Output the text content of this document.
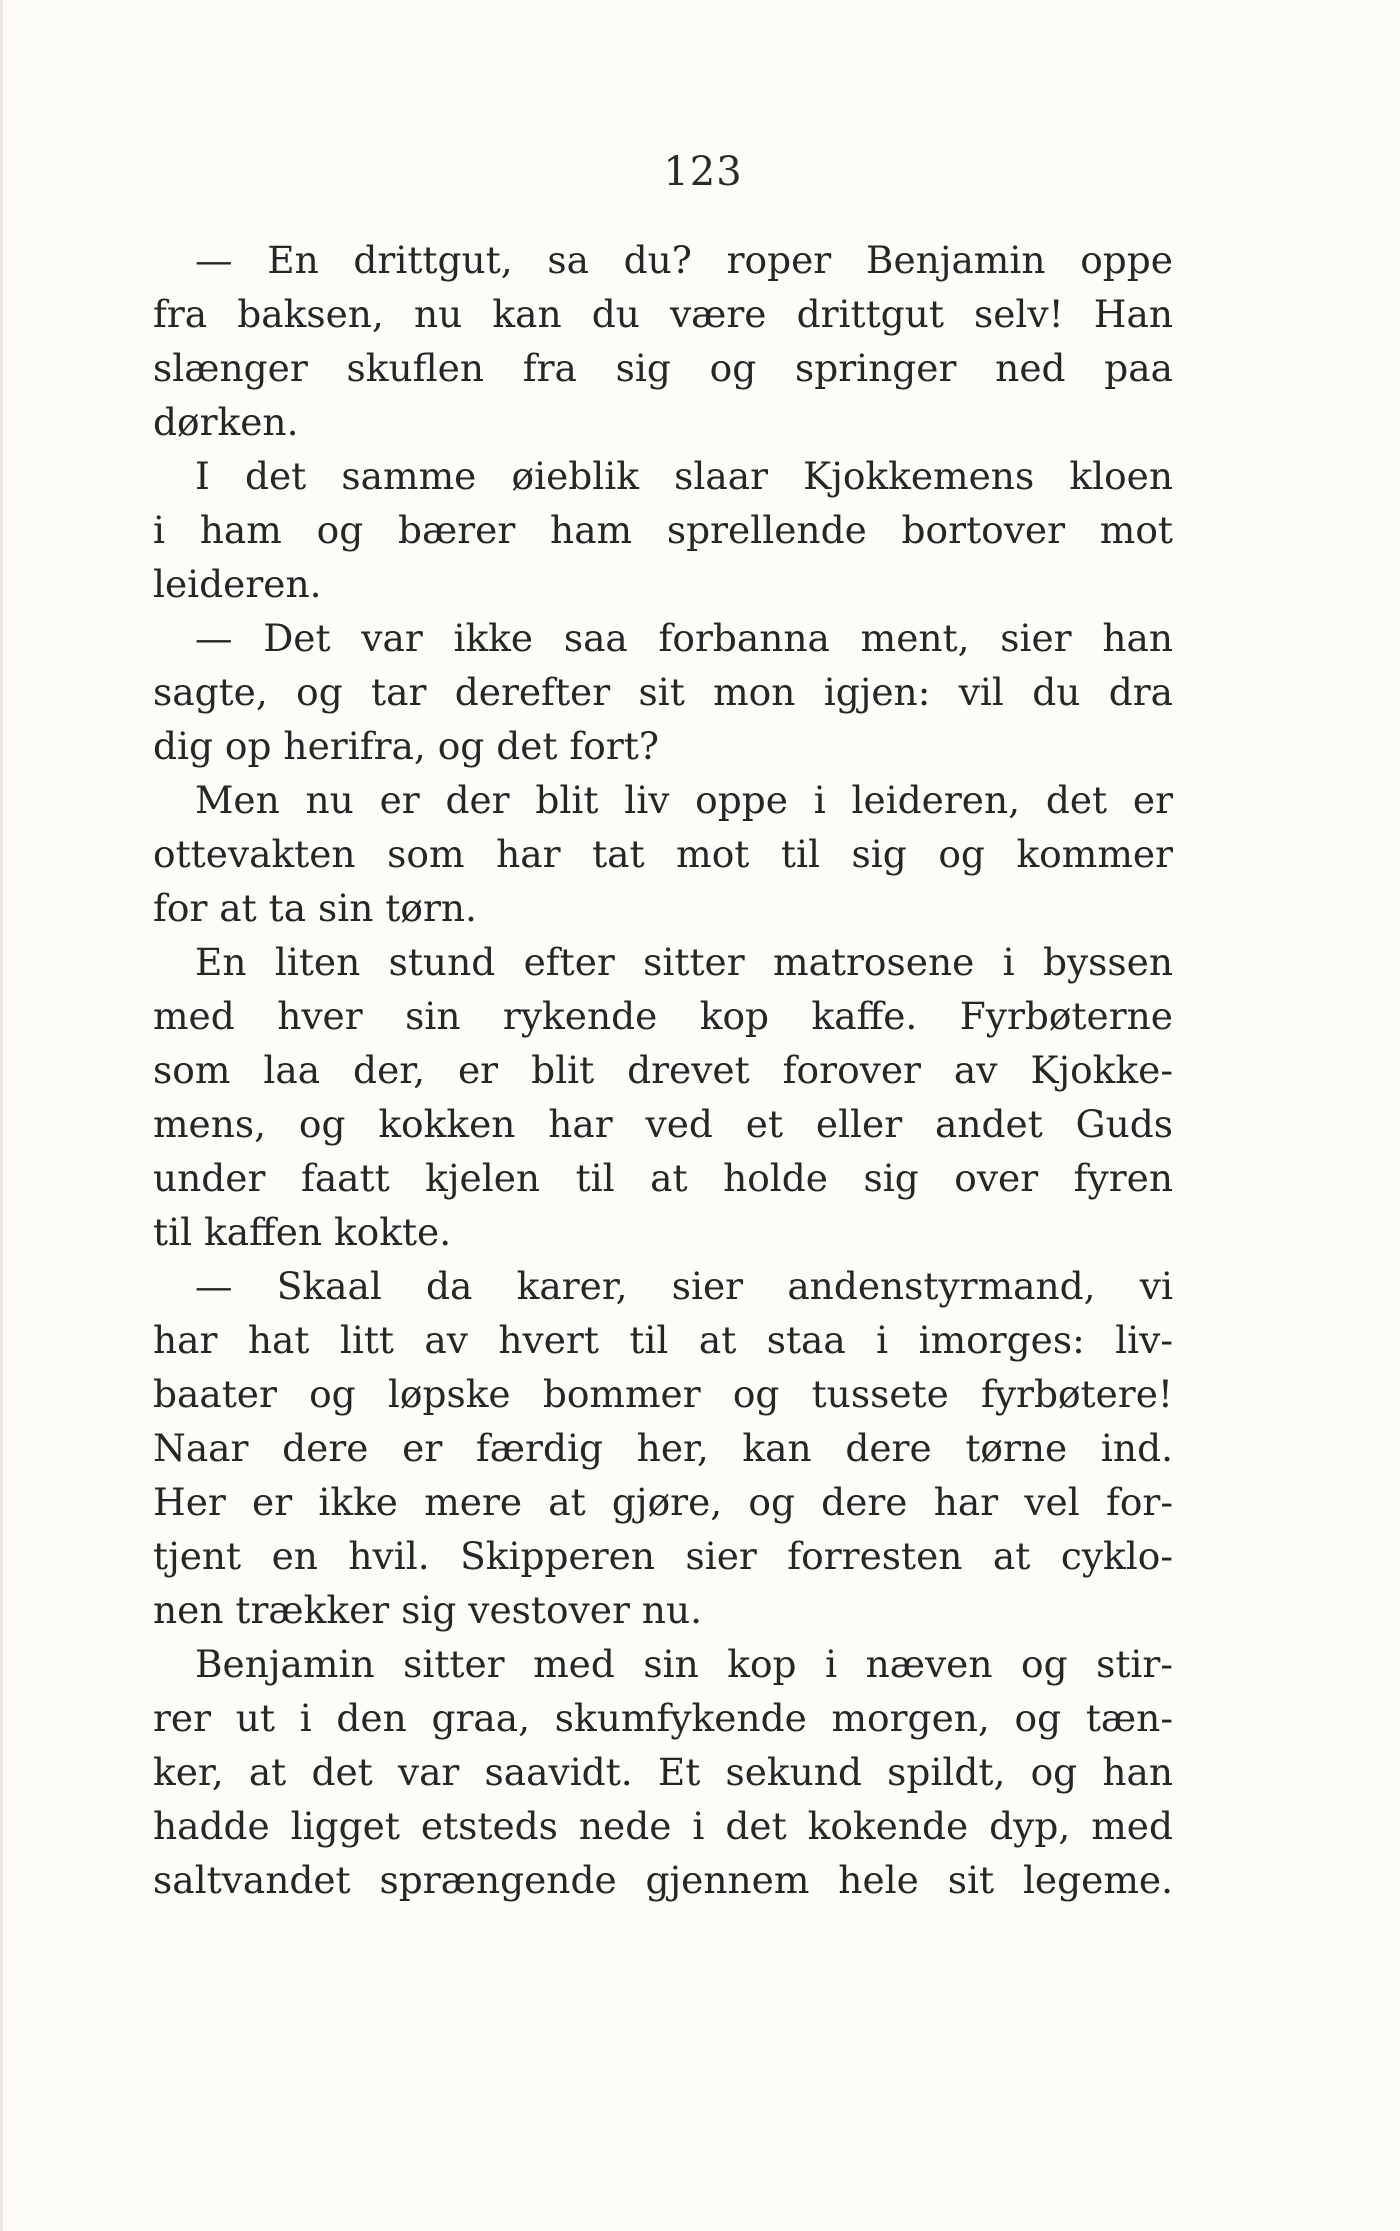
123
— En drittgut, sa du? roper Benjamin oppe
fra baksen, nu kan du være drittgut selv! Han
slænger skuflen fra sig og springer ned paa
dørken.
I det samme øieblik slaar Kjokkemens kloen
i ham og bærer ham sprellende bortover mot
leideren.
— Det var ikke saa forbanna ment, sier han
sagte, og tar derefter sit mon igjen: vil du dra
dig op herifra, og det fort?
Men nu er der blit liv oppe i leideren, det er
ottevakten som har tat mot til sig og kommer
for at ta sin tørn.
En liten stund efter sitter matrosene i byssen
med hver sin rykende kop kaffe. Fyrbøterne
som laa der, er blit drevet forover av Kjokke-
mens, og kokken har ved et eller andet Guds
under faatt kjelen til at holde sig over fyren
til kaffen kokte.
— Skaal da karer, sier andenstyrmand, vi
har hat litt av hvert til at staa i imorges: liv-
baater og løpske bommer og tussete fyrbøtere!
Naar dere er færdig her, kan dere tørne ind.
Her er ikke mere at gjøre, og dere har vel for-
tjent en hvil. Skipperen sier forresten at cyklo-
nen trækker sig vestover nu.
Benjamin sitter med sin kop i næven og stir-
rer ut i den graa, skumfykende morgen, og tæn-
ker, at det var saavidt. Et sekund spildt, og han
hadde ligget etsteds nede i det kokende dyp, med
saltvandet sprængende gjennem hele sit legeme.
